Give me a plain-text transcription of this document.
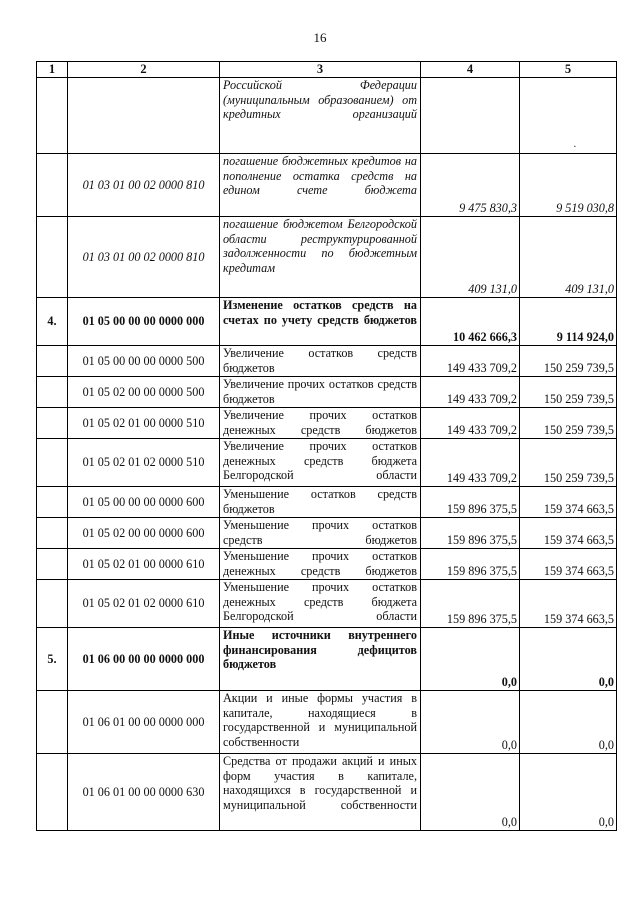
16
1	2	3	4	5
		Российской Федерации (муниципальным образованием) от кредитных организаций		·

	01 03 01 00 02 0000 810	погашение бюджетных кредитов на пополнение остатка средств на едином счете бюджета	9 475 830,3	9 519 030,8
	01 03 01 00 02 0000 810	погашение бюджетом Белгородской области реструктурированной задолженности по бюджетным кредитам	409 131,0	409 131,0
4.	01 05 00 00 00 0000 000	Изменение остатков средств на счетах по учету средств бюджетов	10 462 666,3	9 114 924,0
	01 05 00 00 00 0000 500	Увеличение остатков средств бюджетов	149 433 709,2	150 259 739,5
	01 05 02 00 00 0000 500	Увеличение прочих остатков средств бюджетов	149 433 709,2	150 259 739,5
	01 05 02 01 00 0000 510	Увеличение прочих остатков денежных средств бюджетов	149 433 709,2	150 259 739,5
	01 05 02 01 02 0000 510	Увеличение прочих остатков денежных средств бюджета Белгородской области	149 433 709,2	150 259 739,5
	01 05 00 00 00 0000 600	Уменьшение остатков средств бюджетов	159 896 375,5	159 374 663,5
	01 05 02 00 00 0000 600	Уменьшение прочих остатков средств бюджетов	159 896 375,5	159 374 663,5
	01 05 02 01 00 0000 610	Уменьшение прочих остатков денежных средств бюджетов	159 896 375,5	159 374 663,5
	01 05 02 01 02 0000 610	Уменьшение прочих остатков денежных средств бюджета Белгородской области	159 896 375,5	159 374 663,5
5.	01 06 00 00 00 0000 000	Иные источники внутреннего финансирования дефицитов бюджетов	0,0	0,0
	01 06 01 00 00 0000 000	Акции и иные формы участия в капитале, находящиеся в государственной и муниципальной собственности	0,0	0,0
	01 06 01 00 00 0000 630	Средства от продажи акций и иных форм участия в капитале, находящихся в государственной и муниципальной собственности	0,0	0,0
